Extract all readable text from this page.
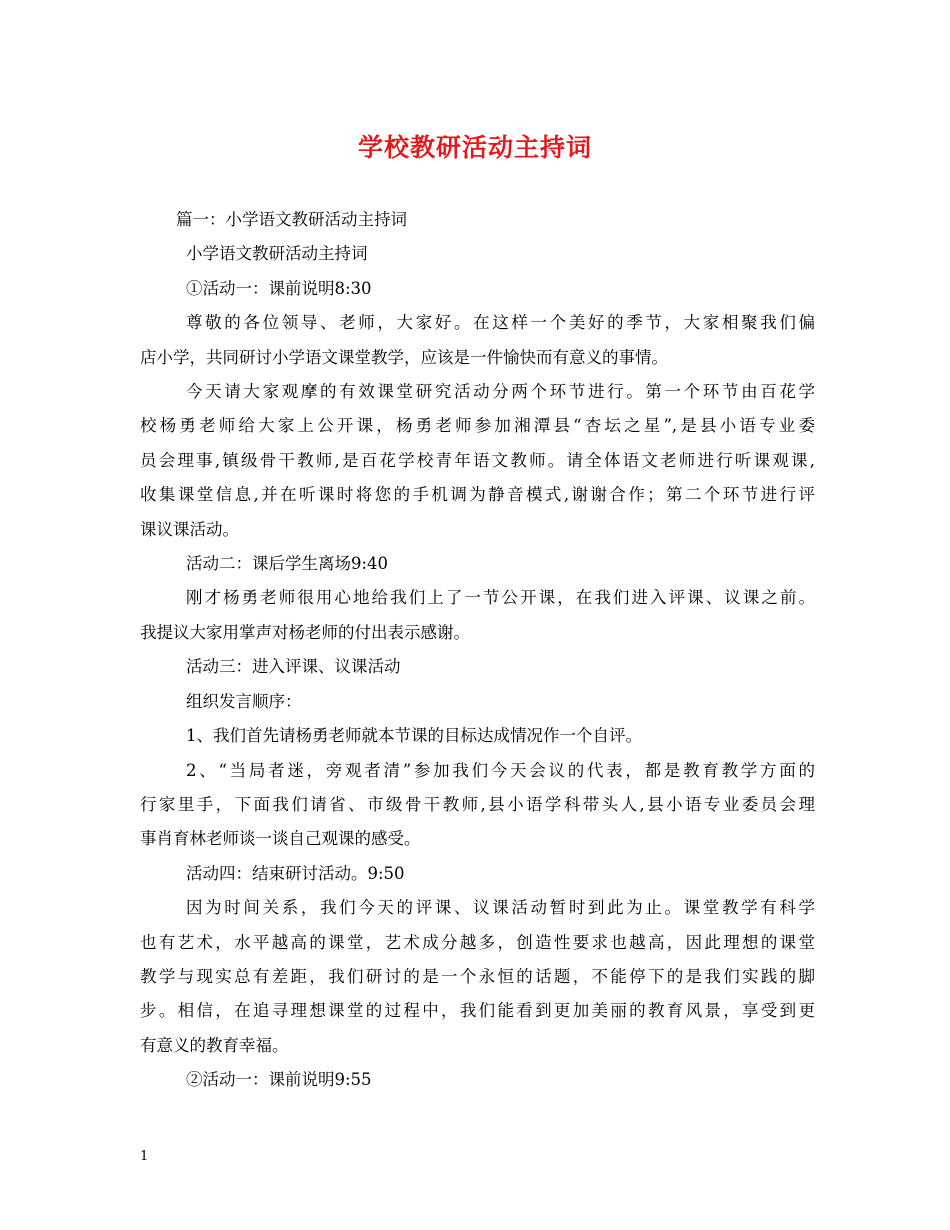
学校教研活动主持词
篇一：小学语文教研活动主持词
小学语文教研活动主持词
①活动一：课前说明8:30
尊敬的各位领导、老师，大家好。在这样一个美好的季节，大家相聚我们偏
店小学，共同研讨小学语文课堂教学，应该是一件愉快而有意义的事情。
今天请大家观摩的有效课堂研究活动分两个环节进行。第一个环节由百花学
校杨勇老师给大家上公开课，杨勇老师参加湘潭县“杏坛之星”,是县小语专业委
员会理事,镇级骨干教师,是百花学校青年语文教师。请全体语文老师进行听课观课,
收集课堂信息,并在听课时将您的手机调为静音模式,谢谢合作；第二个环节进行评
课议课活动。
活动二：课后学生离场9:40
刚才杨勇老师很用心地给我们上了一节公开课，在我们进入评课、议课之前。
我提议大家用掌声对杨老师的付出表示感谢。
活动三：进入评课、议课活动
组织发言顺序：
1、我们首先请杨勇老师就本节课的目标达成情况作一个自评。
2、“当局者迷，旁观者清”参加我们今天会议的代表，都是教育教学方面的
行家里手，下面我们请省、市级骨干教师,县小语学科带头人,县小语专业委员会理
事肖育林老师谈一谈自己观课的感受。
活动四：结束研讨活动。9:50
因为时间关系，我们今天的评课、议课活动暂时到此为止。课堂教学有科学
也有艺术，水平越高的课堂，艺术成分越多，创造性要求也越高，因此理想的课堂
教学与现实总有差距，我们研讨的是一个永恒的话题，不能停下的是我们实践的脚
步。相信，在追寻理想课堂的过程中，我们能看到更加美丽的教育风景，享受到更
有意义的教育幸福。
②活动一：课前说明9:55
1
